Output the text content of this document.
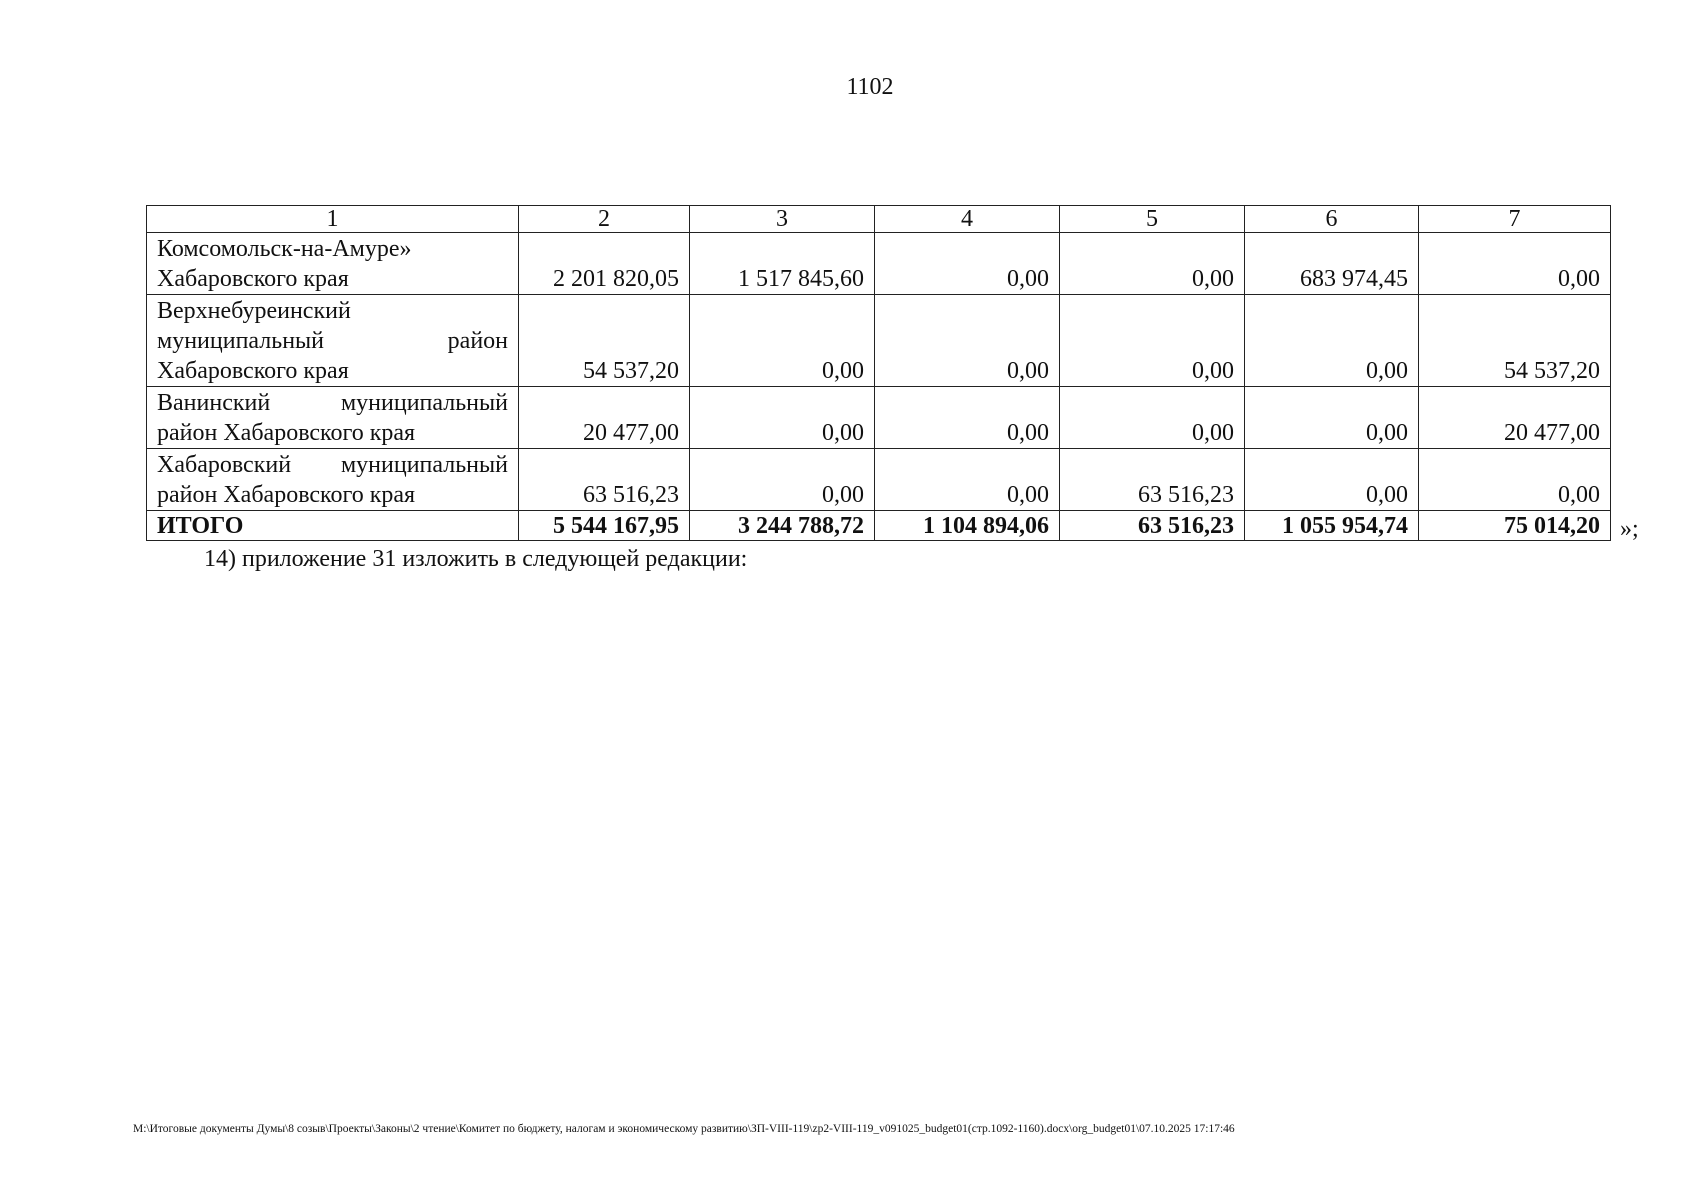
1102
1	2	3	4	5	6	7
Комсомольск-на-Амуре» Хабаровского края	2 201 820,05	1 517 845,60	0,00	0,00	683 974,45	0,00
Верхнебуреинский муниципальный район Хабаровского края	54 537,20	0,00	0,00	0,00	0,00	54 537,20
Ванинский муниципальный район Хабаровского края	20 477,00	0,00	0,00	0,00	0,00	20 477,00
Хабаровский муниципальный район Хабаровского края	63 516,23	0,00	0,00	63 516,23	0,00	0,00
ИТОГО	5 544 167,95	3 244 788,72	1 104 894,06	63 516,23	1 055 954,74	75 014,20 »;
14) приложение 31 изложить в следующей редакции:
М:\Итоговые документы Думы\8 созыв\Проекты\Законы\2 чтение\Комитет по бюджету, налогам и экономическому развитию\ЗП-VIII-119\zp2-VIII-119_v091025_budget01(стр.1092-1160).docx\org_budget01\07.10.2025 17:17:46
